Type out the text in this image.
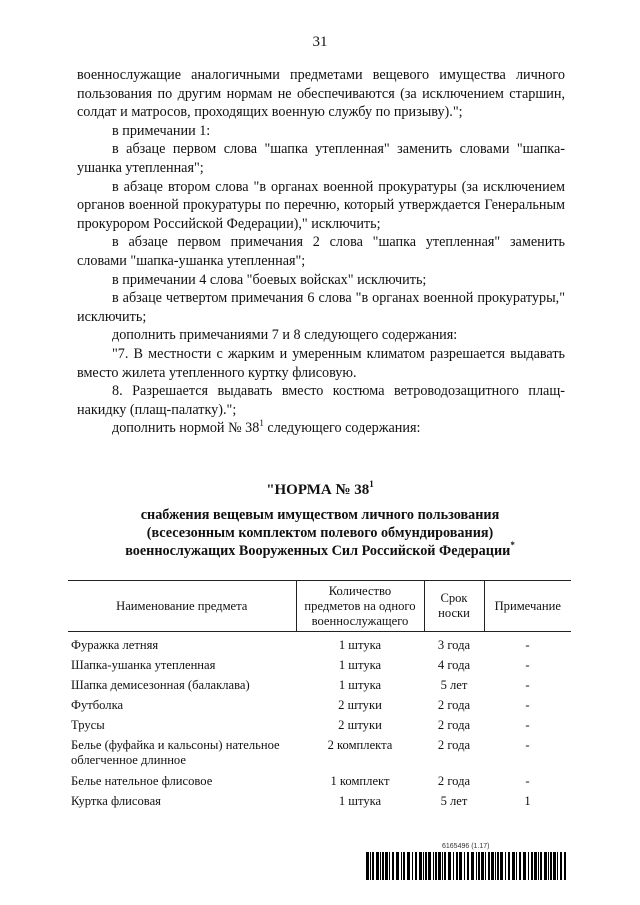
31

военнослужащие аналогичными предметами вещевого имущества личного пользования по другим нормам не обеспечиваются (за исключением старшин, солдат и матросов, проходящих военную службу по призыву).";

в примечании 1:

в абзаце первом слова "шапка утепленная" заменить словами "шапка-ушанка утепленная";

в абзаце втором слова "в органах военной прокуратуры (за исключением органов военной прокуратуры по перечню, который утверждается Генеральным прокурором Российской Федерации)," исключить;

в абзаце первом примечания 2 слова "шапка утепленная" заменить словами "шапка-ушанка утепленная";

в примечании 4 слова "боевых войсках" исключить;

в абзаце четвертом примечания 6 слова "в органах военной прокуратуры," исключить;

дополнить примечаниями 7 и 8 следующего содержания:

"7. В местности с жарким и умеренным климатом разрешается выдавать вместо жилета утепленного куртку флисовую.

8. Разрешается выдавать вместо костюма ветроводозащитного плащ-накидку (плащ-палатку).";

дополнить нормой № $38^1$ следующего содержания:

"НОРМА № $38^1$
снабжения вещевым имуществом личного пользования
(всесезонным комплектом полевого обмундирования)
военнослужащих Вооруженных Сил Российской Федерации*
Наименование предмета	Количество предметов на одного военнослужащего	Срок носки	Примечание

Фуражка летняя	1 штука	3 года	-
Шапка-ушанка утепленная	1 штука	4 года	-
Шапка демисезонная (балаклава)	1 штука	5 лет	-
Футболка	2 штуки	2 года	-
Трусы	2 штуки	2 года	-
Белье (фуфайка и кальсоны) нательное облегченное длинное	2 комплекта	2 года	-
Белье нательное флисовое	1 комплект	2 года	-
Куртка флисовая	1 штука	5 лет	1
6165496 (1.17)
